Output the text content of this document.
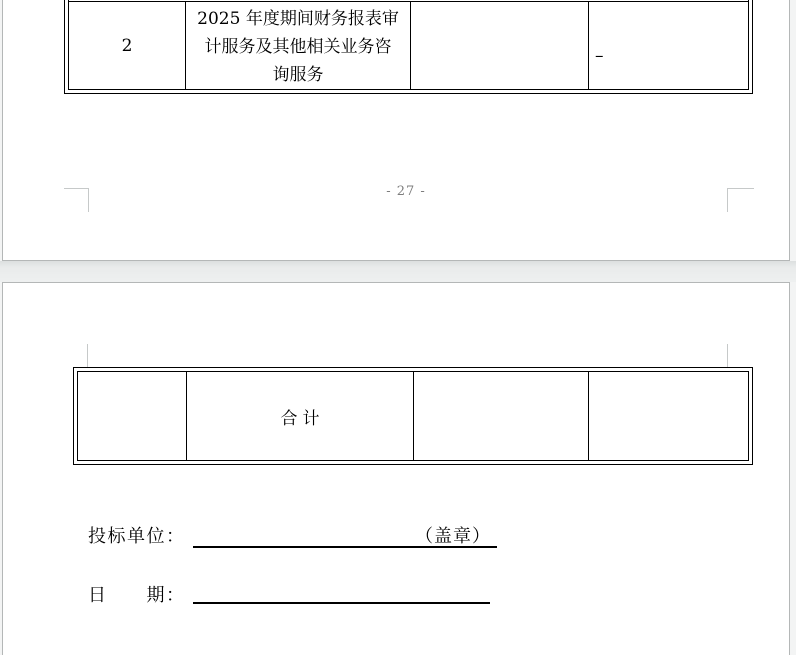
2
2025 年度期间财务报表审
计服务及其他相关业务咨
询服务
–
- 27 -
合计
投标单位：	（盖章）
日　　期：
